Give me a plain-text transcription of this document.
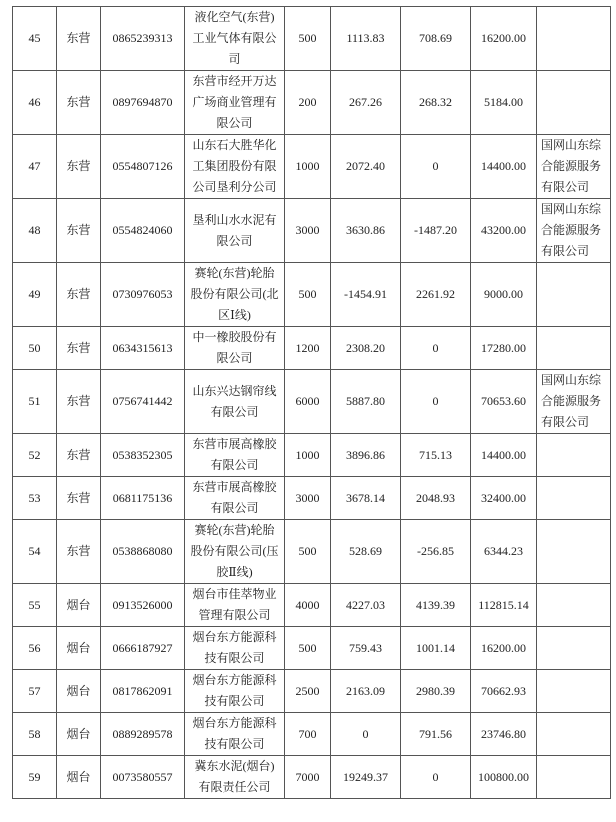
45	东营	0865239313	液化空气(东营)工业气体有限公司	500	1113.83	708.69	16200.00	
46	东营	0897694870	东营市经开万达广场商业管理有限公司	200	267.26	268.32	5184.00	
47	东营	0554807126	山东石大胜华化工集团股份有限公司垦利分公司	1000	2072.40	0	14400.00	国网山东综合能源服务有限公司
48	东营	0554824060	垦利山水水泥有限公司	3000	3630.86	-1487.20	43200.00	国网山东综合能源服务有限公司
49	东营	0730976053	赛轮(东营)轮胎股份有限公司(北区Ⅰ线)	500	-1454.91	2261.92	9000.00	
50	东营	0634315613	中一橡胶股份有限公司	1200	2308.20	0	17280.00	
51	东营	0756741442	山东兴达钢帘线有限公司	6000	5887.80	0	70653.60	国网山东综合能源服务有限公司
52	东营	0538352305	东营市展高橡胶有限公司	1000	3896.86	715.13	14400.00	
53	东营	0681175136	东营市展高橡胶有限公司	3000	3678.14	2048.93	32400.00	
54	东营	0538868080	赛轮(东营)轮胎股份有限公司(压胶Ⅱ线)	500	528.69	-256.85	6344.23	
55	烟台	0913526000	烟台市佳萃物业管理有限公司	4000	4227.03	4139.39	112815.14	
56	烟台	0666187927	烟台东方能源科技有限公司	500	759.43	1001.14	16200.00	
57	烟台	0817862091	烟台东方能源科技有限公司	2500	2163.09	2980.39	70662.93	
58	烟台	0889289578	烟台东方能源科技有限公司	700	0	791.56	23746.80	
59	烟台	0073580557	冀东水泥(烟台)有限责任公司	7000	19249.37	0	100800.00	
